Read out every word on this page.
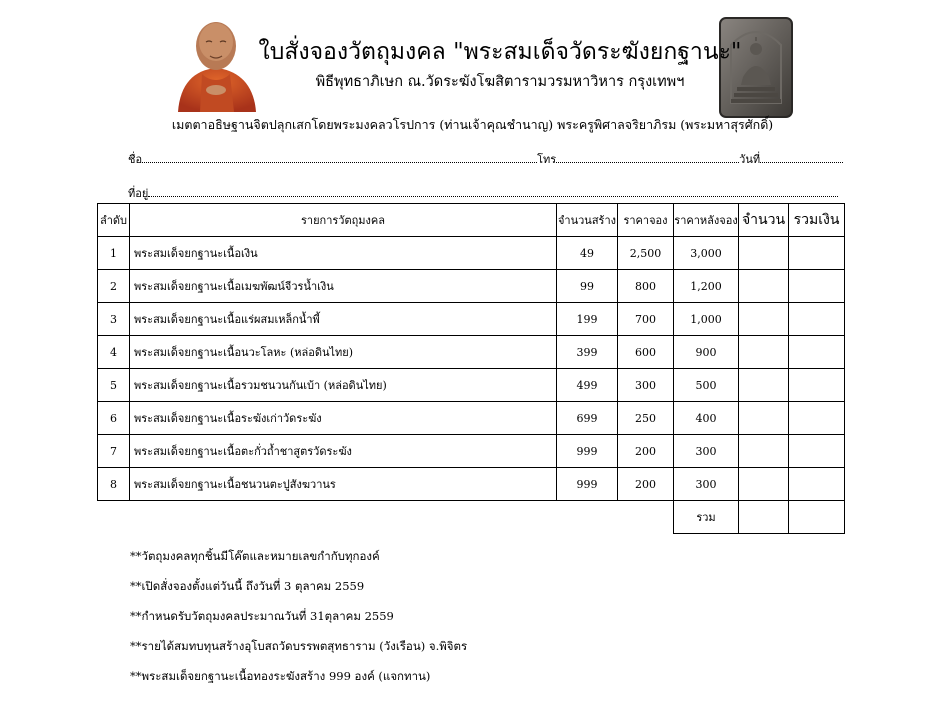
ใบสั่งจองวัตถุมงคล "พระสมเด็จวัดระฆังยกฐานะ"
พิธีพุทธาภิเษก ณ.วัดระฆังโฆสิตารามวรมหาวิหาร กรุงเทพฯ
เมตตาอธิษฐานจิตปลุกเสกโดยพระมงคลวโรปการ (ท่านเจ้าคุณชำนาญ) พระครูพิศาลจริยาภิรม (พระมหาสุรศักดิ์)
ชื่อ	โทร	วันที่
ที่อยู่
ลำดับ	รายการวัตถุมงคล	จำนวนสร้าง	ราคาจอง	ราคาหลังจอง	จำนวน	รวมเงิน
1	พระสมเด็จยกฐานะเนื้อเงิน	49	2,500	3,000		
2	พระสมเด็จยกฐานะเนื้อเมฆพัฒน์จีวรน้ำเงิน	99	800	1,200		
3	พระสมเด็จยกฐานะเนื้อแร่ผสมเหล็กน้ำพี้	199	700	1,000		
4	พระสมเด็จยกฐานะเนื้อนวะโลหะ (หล่อดินไทย)	399	600	900		
5	พระสมเด็จยกฐานะเนื้อรวมชนวนกันเบ้า (หล่อดินไทย)	499	300	500		
6	พระสมเด็จยกฐานะเนื้อระฆังเก่าวัดระฆัง	699	250	400		
7	พระสมเด็จยกฐานะเนื้อตะกั่วถ้ำชาสูตรวัดระฆัง	999	200	300		
8	พระสมเด็จยกฐานะเนื้อชนวนตะปูสังฆวานร	999	200	300		
				รวม		
**วัตถุมงคลทุกชิ้นมีโค๊ตและหมายเลขกำกับทุกองค์
**เปิดสั่งจองตั้งแต่วันนี้ ถึงวันที่ 3 ตุลาคม 2559
**กำหนดรับวัตถุมงคลประมาณวันที่ 31ตุลาคม 2559
**รายได้สมทบทุนสร้างอุโบสถวัดบรรพตสุทธาราม (วังเรือน) จ.พิจิตร
**พระสมเด็จยกฐานะเนื้อทองระฆังสร้าง 999 องค์ (แจกทาน)
